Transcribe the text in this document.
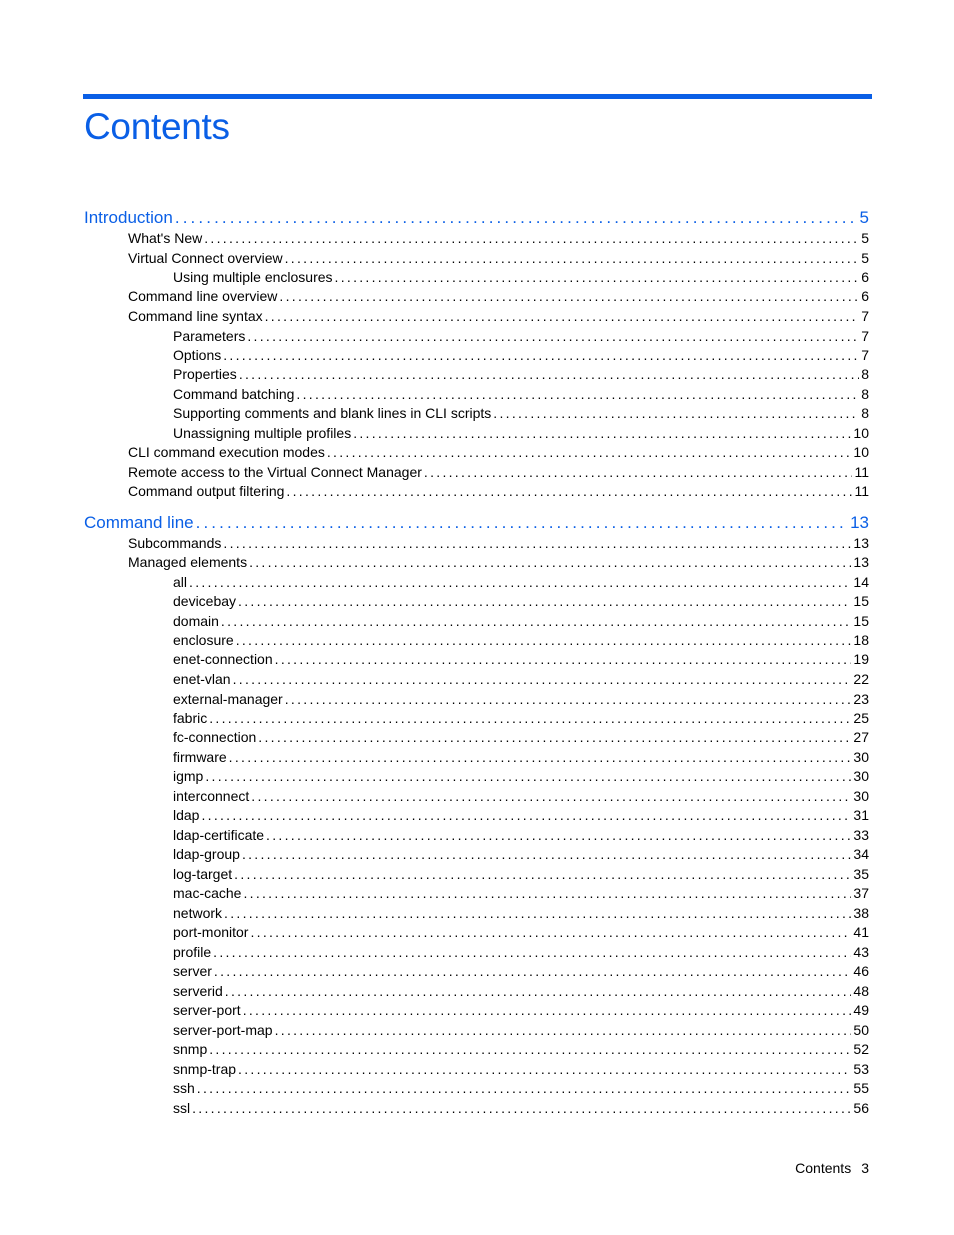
Contents
Introduction . . .	5
What's New . . .	5
Virtual Connect overview . . .	5
Using multiple enclosures . . .	6
Command line overview . . .	6
Command line syntax . . .	7
Parameters . . .	7
Options . . .	7
Properties . . .	8
Command batching . . .	8
Supporting comments and blank lines in CLI scripts . . .	8
Unassigning multiple profiles . . .	10
CLI command execution modes . . .	10
Remote access to the Virtual Connect Manager . . .	11
Command output filtering . . .	11
Command line . . .	13
Subcommands . . .	13
Managed elements . . .	13
all . . .	14
devicebay . . .	15
domain . . .	15
enclosure . . .	18
enet-connection . . .	19
enet-vlan . . .	22
external-manager . . .	23
fabric . . .	25
fc-connection . . .	27
firmware . . .	30
igmp . . .	30
interconnect . . .	30
ldap . . .	31
ldap-certificate . . .	33
ldap-group . . .	34
log-target . . .	35
mac-cache . . .	37
network . . .	38
port-monitor . . .	41
profile . . .	43
server . . .	46
serverid . . .	48
server-port . . .	49
server-port-map . . .	50
snmp . . .	52
snmp-trap . . .	53
ssh . . .	55
ssl . . .	56
Contents 3
